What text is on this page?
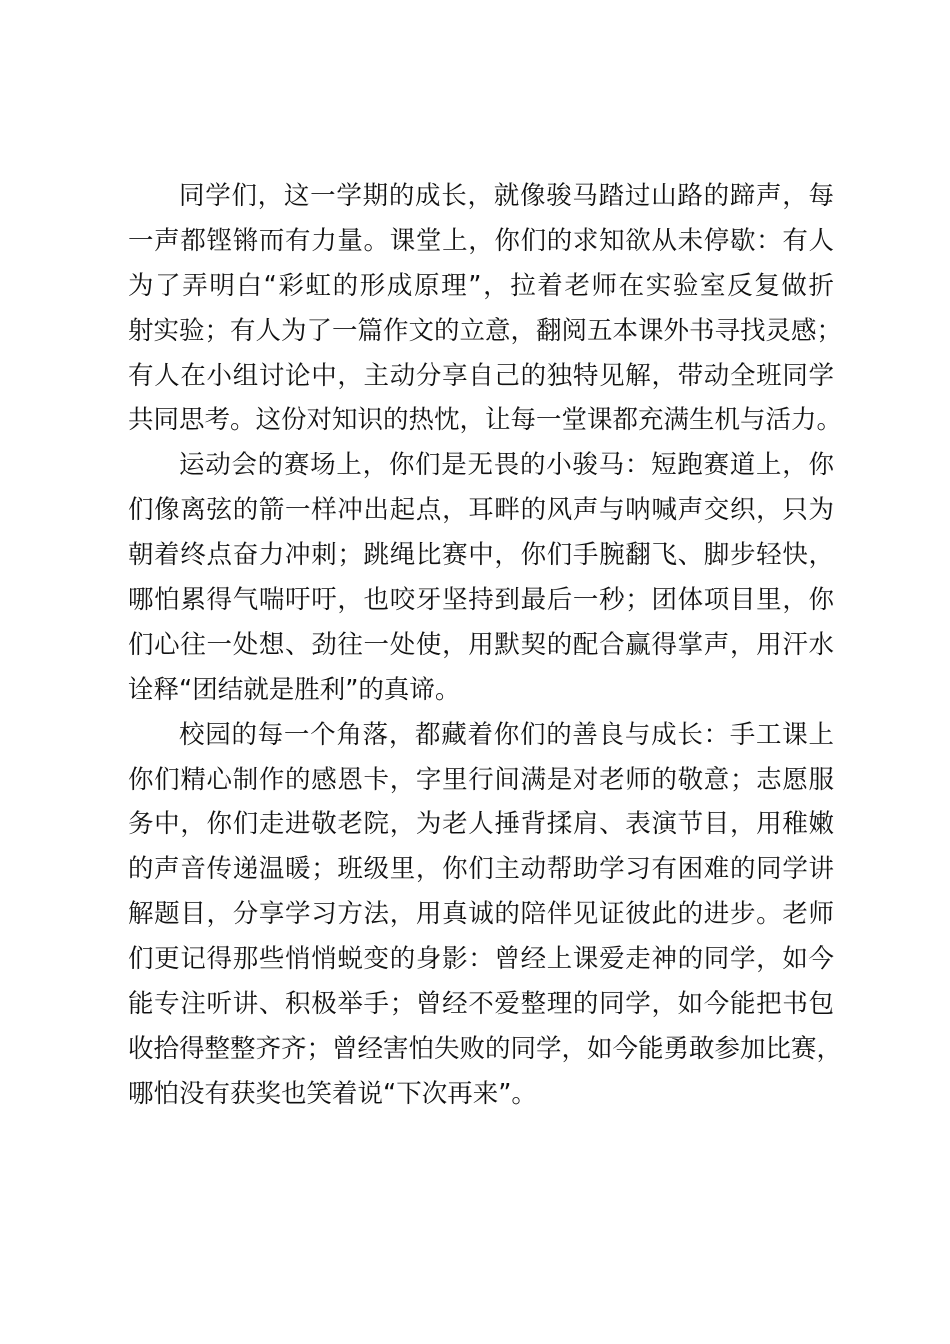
同学们，这一学期的成长，就像骏马踏过山路的蹄声，每
一声都铿锵而有力量。课堂上，你们的求知欲从未停歇：有人
为了弄明白“彩虹的形成原理”，拉着老师在实验室反复做折
射实验；有人为了一篇作文的立意，翻阅五本课外书寻找灵感；
有人在小组讨论中，主动分享自己的独特见解，带动全班同学
共同思考。这份对知识的热忱，让每一堂课都充满生机与活力。
运动会的赛场上，你们是无畏的小骏马：短跑赛道上，你
们像离弦的箭一样冲出起点，耳畔的风声与呐喊声交织，只为
朝着终点奋力冲刺；跳绳比赛中，你们手腕翻飞、脚步轻快，
哪怕累得气喘吁吁，也咬牙坚持到最后一秒；团体项目里，你
们心往一处想、劲往一处使，用默契的配合赢得掌声，用汗水
诠释“团结就是胜利”的真谛。
校园的每一个角落，都藏着你们的善良与成长：手工课上
你们精心制作的感恩卡，字里行间满是对老师的敬意；志愿服
务中，你们走进敬老院，为老人捶背揉肩、表演节目，用稚嫩
的声音传递温暖；班级里，你们主动帮助学习有困难的同学讲
解题目，分享学习方法，用真诚的陪伴见证彼此的进步。老师
们更记得那些悄悄蜕变的身影：曾经上课爱走神的同学，如今
能专注听讲、积极举手；曾经不爱整理的同学，如今能把书包
收拾得整整齐齐；曾经害怕失败的同学，如今能勇敢参加比赛，
哪怕没有获奖也笑着说“下次再来”。
